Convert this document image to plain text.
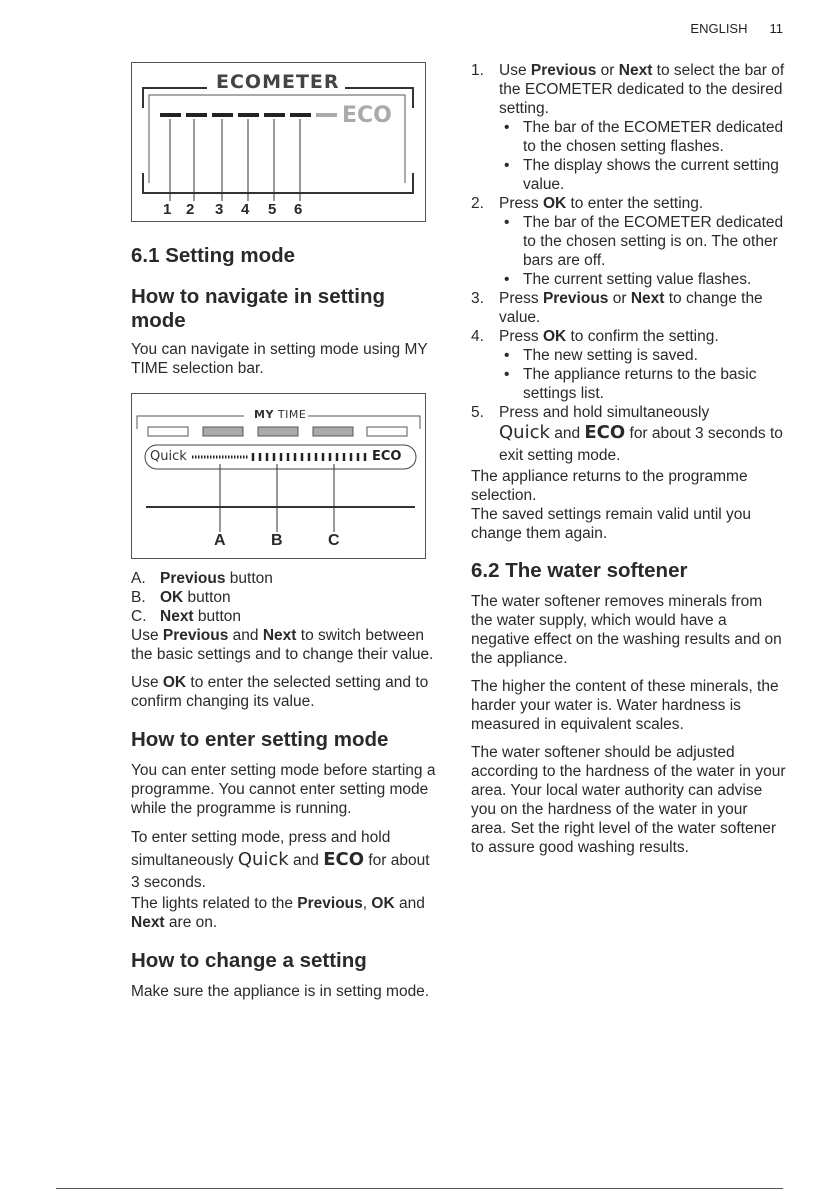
ENGLISH 11
ECOMETER
ECO
1 2 3 4 5 6
6.1 Setting mode
How to navigate in setting mode

You can navigate in setting mode using MY TIME selection bar.

MY TIME
Quick	ECO
A	B	C
A. Previous button
B. OK button
C. Next button

Use Previous and Next to switch between the basic settings and to change their value.

Use OK to enter the selected setting and to confirm changing its value.

How to enter setting mode

You can enter setting mode before starting a programme. You cannot enter setting mode while the programme is running.

To enter setting mode, press and hold simultaneously Quick and ECO for about 3 seconds.

The lights related to the Previous, OK and Next are on.

How to change a setting

Make sure the appliance is in setting mode.

1. Use Previous or Next to select the bar of the ECOMETER dedicated to the desired setting.
• The bar of the ECOMETER dedicated to the chosen setting flashes.
• The display shows the current setting value.
2. Press OK to enter the setting.
• The bar of the ECOMETER dedicated to the chosen setting is on. The other bars are off.
• The current setting value flashes.
3. Press Previous or Next to change the value.
4. Press OK to confirm the setting.
• The new setting is saved.
• The appliance returns to the basic settings list.
5. Press and hold simultaneously
Quick and ECO for about 3 seconds to exit setting mode.

The appliance returns to the programme selection.

The saved settings remain valid until you change them again.

6.2 The water softener

The water softener removes minerals from the water supply, which would have a negative effect on the washing results and on the appliance.

The higher the content of these minerals, the harder your water is. Water hardness is measured in equivalent scales.

The water softener should be adjusted according to the hardness of the water in your area. Your local water authority can advise you on the hardness of the water in your area. Set the right level of the water softener to assure good washing results.
